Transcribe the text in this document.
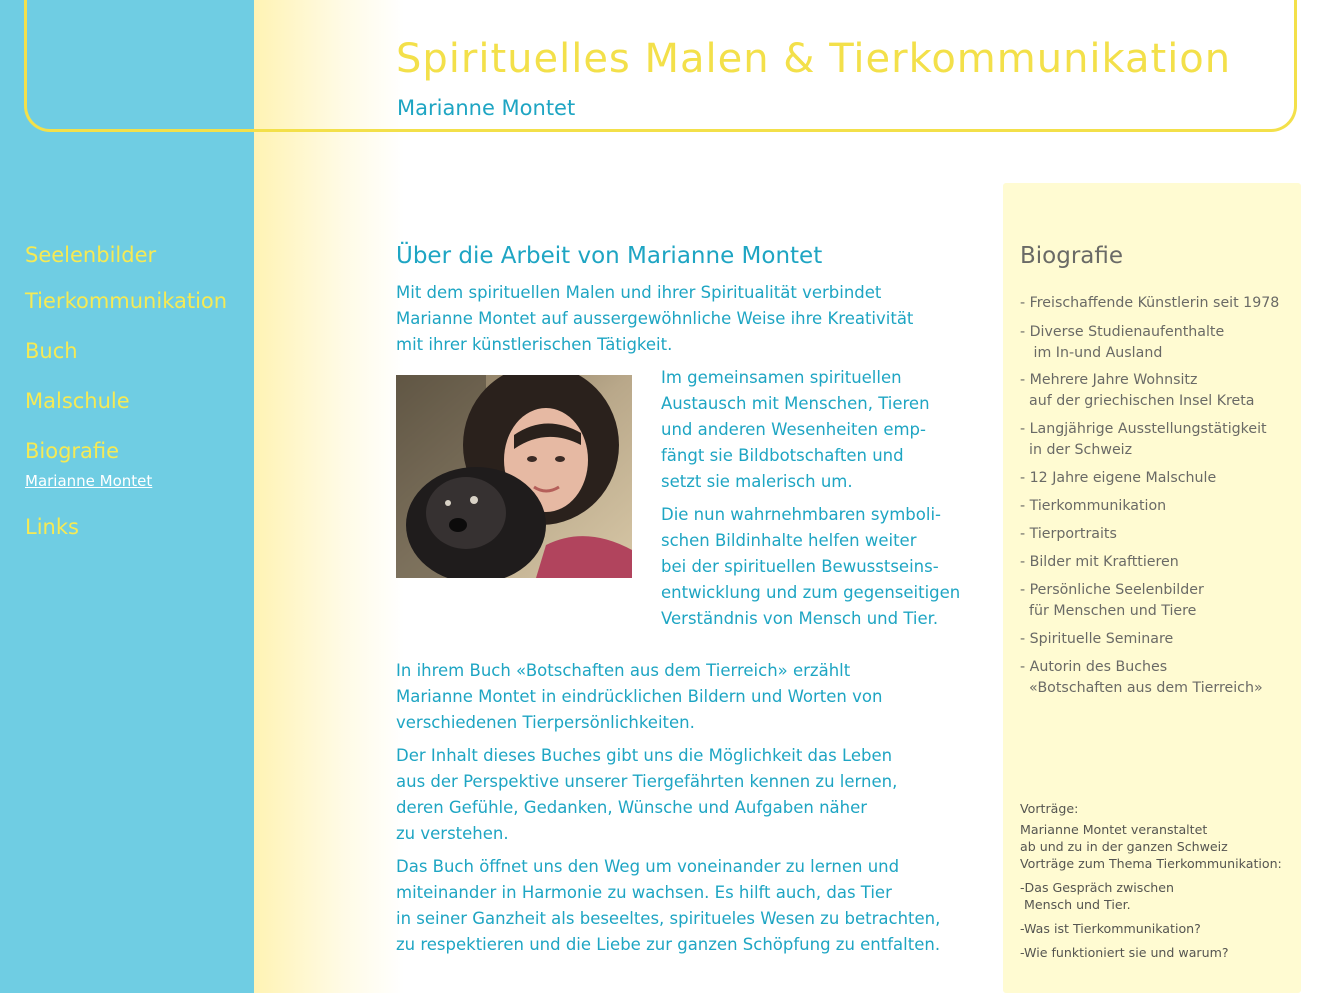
Spirituelles Malen & Tierkommunikation
Marianne Montet
Seelenbilder
Tierkommunikation
Buch
Malschule
Biografie
Marianne Montet
Links
Über die Arbeit von Marianne Montet
Mit dem spirituellen Malen und ihrer Spiritualität verbindet
Marianne Montet auf aussergewöhnliche Weise ihre Kreativität
mit ihrer künstlerischen Tätigkeit.
Im gemeinsamen spirituellen
Austausch mit Menschen, Tieren
und anderen Wesenheiten emp-
fängt sie Bildbotschaften und
setzt sie malerisch um.
Die nun wahrnehmbaren symboli-
schen Bildinhalte helfen weiter
bei der spirituellen Bewusstseins-
entwicklung und zum gegenseitigen
Verständnis von Mensch und Tier.
In ihrem Buch «Botschaften aus dem Tierreich» erzählt
Marianne Montet in eindrücklichen Bildern und Worten von
verschiedenen Tierpersönlichkeiten.
Der Inhalt dieses Buches gibt uns die Möglichkeit das Leben
aus der Perspektive unserer Tiergefährten kennen zu lernen,
deren Gefühle, Gedanken, Wünsche und Aufgaben näher
zu verstehen.
Das Buch öffnet uns den Weg um voneinander zu lernen und
miteinander in Harmonie zu wachsen. Es hilft auch, das Tier
in seiner Ganzheit als beseeltes, spiritueles Wesen zu betrachten,
zu respektieren und die Liebe zur ganzen Schöpfung zu entfalten.
Biografie

- Freischaffende Künstlerin seit 1978

- Diverse Studienaufenthalte
im In-und Ausland

- Mehrere Jahre Wohnsitz
auf der griechischen Insel Kreta

- Langjährige Ausstellungstätigkeit
in der Schweiz

- 12 Jahre eigene Malschule

- Tierkommunikation

- Tierportraits

- Bilder mit Krafttieren

- Persönliche Seelenbilder
für Menschen und Tiere

- Spirituelle Seminare

- Autorin des Buches
«Botschaften aus dem Tierreich»

Vorträge:

Marianne Montet veranstaltet
ab und zu in der ganzen Schweiz
Vorträge zum Thema Tierkommunikation:

-Das Gespräch zwischen
Mensch und Tier.

-Was ist Tierkommunikation?

-Wie funktioniert sie und warum?
